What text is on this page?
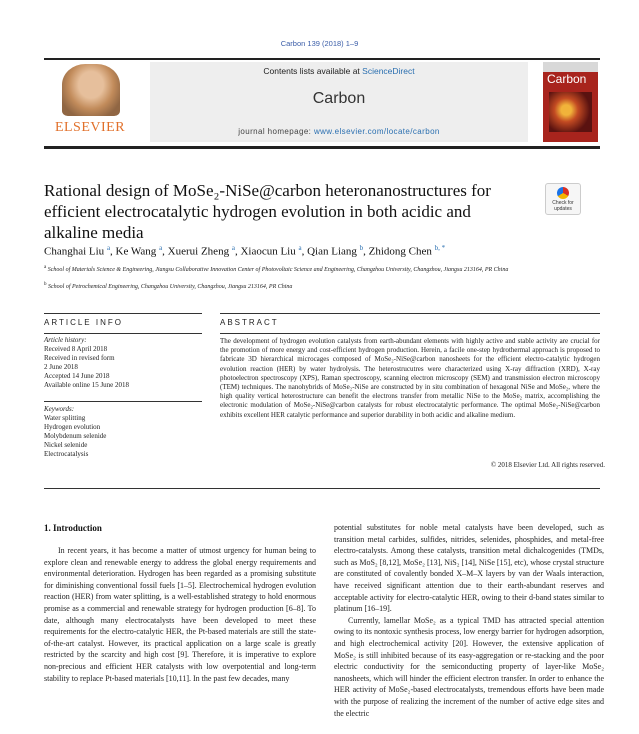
Carbon 139 (2018) 1–9
ELSEVIER
Contents lists available at ScienceDirect
Carbon
journal homepage: www.elsevier.com/locate/carbon
Carbon
Check for updates
Rational design of MoSe₂-NiSe@carbon heteronanostructures for efficient electrocatalytic hydrogen evolution in both acidic and alkaline media
Changhai Liu $^a$, Ke Wang $^a$, Xuerui Zheng $^a$, Xiaocun Liu $^a$, Qian Liang $^b$, Zhidong Chen $^{b, *}$
$^a$ School of Materials Science & Engineering, Jiangsu Collaborative Innovation Center of Photovoltaic Science and Engineering, Changzhou University, Changzhou, Jiangsu 213164, PR China
$^b$ School of Petrochemical Engineering, Changzhou University, Changzhou, Jiangsu 213164, PR China
ARTICLE INFO	ABSTRACT
Article history:
Received 8 April 2018
Received in revised form
2 June 2018
Accepted 14 June 2018
Available online 15 June 2018
Keywords:
Water splitting
Hydrogen evolution
Molybdenum selenide
Nickel selenide
Electrocatalysis
The development of hydrogen evolution catalysts from earth-abundant elements with highly active and stable activity are crucial for the promotion of more energy and cost-efficient hydrogen production. Herein, a facile one-step hydrothermal approach is proposed to fabricate 3D hierarchical microcages composed of MoSe₂-NiSe@carbon nanosheets for the efficient electro-catalytic hydrogen evolution reaction (HER) by water hydrolysis. The heterostrucutres were characterized using X-ray diffraction (XRD), X-ray photoelectron spectroscopy (XPS), Raman spectroscopy, scanning electron microscopy (SEM) and transmission electron microscopy (TEM) techniques. The nanohybrids of MoSe₂-NiSe are constructed by in situ combination of hexagonal NiSe and MoSe₂, where the high quality vertical heterostructure can benefit the electrons transfer from metallic NiSe to the MoSe₂ matrix, accomplishing the electronic modulation of MoSe₂-NiSe@carbon catalysts for robust electrocatalytic performance. The optimal MoSe₂-NiSe@carbon exhibits excellent HER catalytic performance and superior durability in both acidic and alkaline medium.
© 2018 Elsevier Ltd. All rights reserved.
1. Introduction

In recent years, it has become a matter of utmost urgency for human being to explore clean and renewable energy to address the global energy requirements and environmental deterioration. Hydrogen has been regarded as a promising substitute for diminishing conventional fossil fuels [1–5]. Electrochemical hydrogen evolution reaction (HER) from water splitting, is a well-established strategy to hold enormous promise as a commercial and renewable strategy for hydrogen production [6–8]. To date, although many electrocatalysts have been developed to meet these requirements for the electro-catalytic HER, the Pt-based materials are still the state-of-the-art catalyst. However, its practical application on a large scale is greatly restricted by the scarcity and high cost [9]. Therefore, it is imperative to explore non-precious and efficient HER catalysts with low overpotential and long-term stability to replace Pt-based materials [10,11]. In the past few decades, many

potential substitutes for noble metal catalysts have been developed, such as transition metal carbides, sulfides, nitrides, selenides, phosphides, and metal-free electro-catalysts. Among these catalysts, transition metal dichalcogenides (TMDs, such as MoS₂ [8,12], MoSe₂ [13], NiS₂ [14], NiSe [15], etc), whose crystal structure are constituted of covalently bonded X–M–X layers by van der Waals interaction, have received significant attention due to their earth-abundant reserves and acceptable activity for electro-catalytic HER, owing to their d-band states similar to platinum [16–19].

Currently, lamellar MoSe₂ as a typical TMD has attracted special attention owing to its nontoxic synthesis process, low energy barrier for hydrogen adsorption, and high electrochemical activity [20]. However, the extensive application of MoSe₂ is still inhibited because of its easy-aggregation or re-stacking and the poor electric conductivity for the semiconducting property of layer-like MoSe₂ nanosheets, which will hinder the efficient electron transfer. In order to enhance the HER activity of MoSe₂-based electrocatalysts, tremendous efforts have been made with the purpose of realizing the increment of the number of active edge sites and the electric
